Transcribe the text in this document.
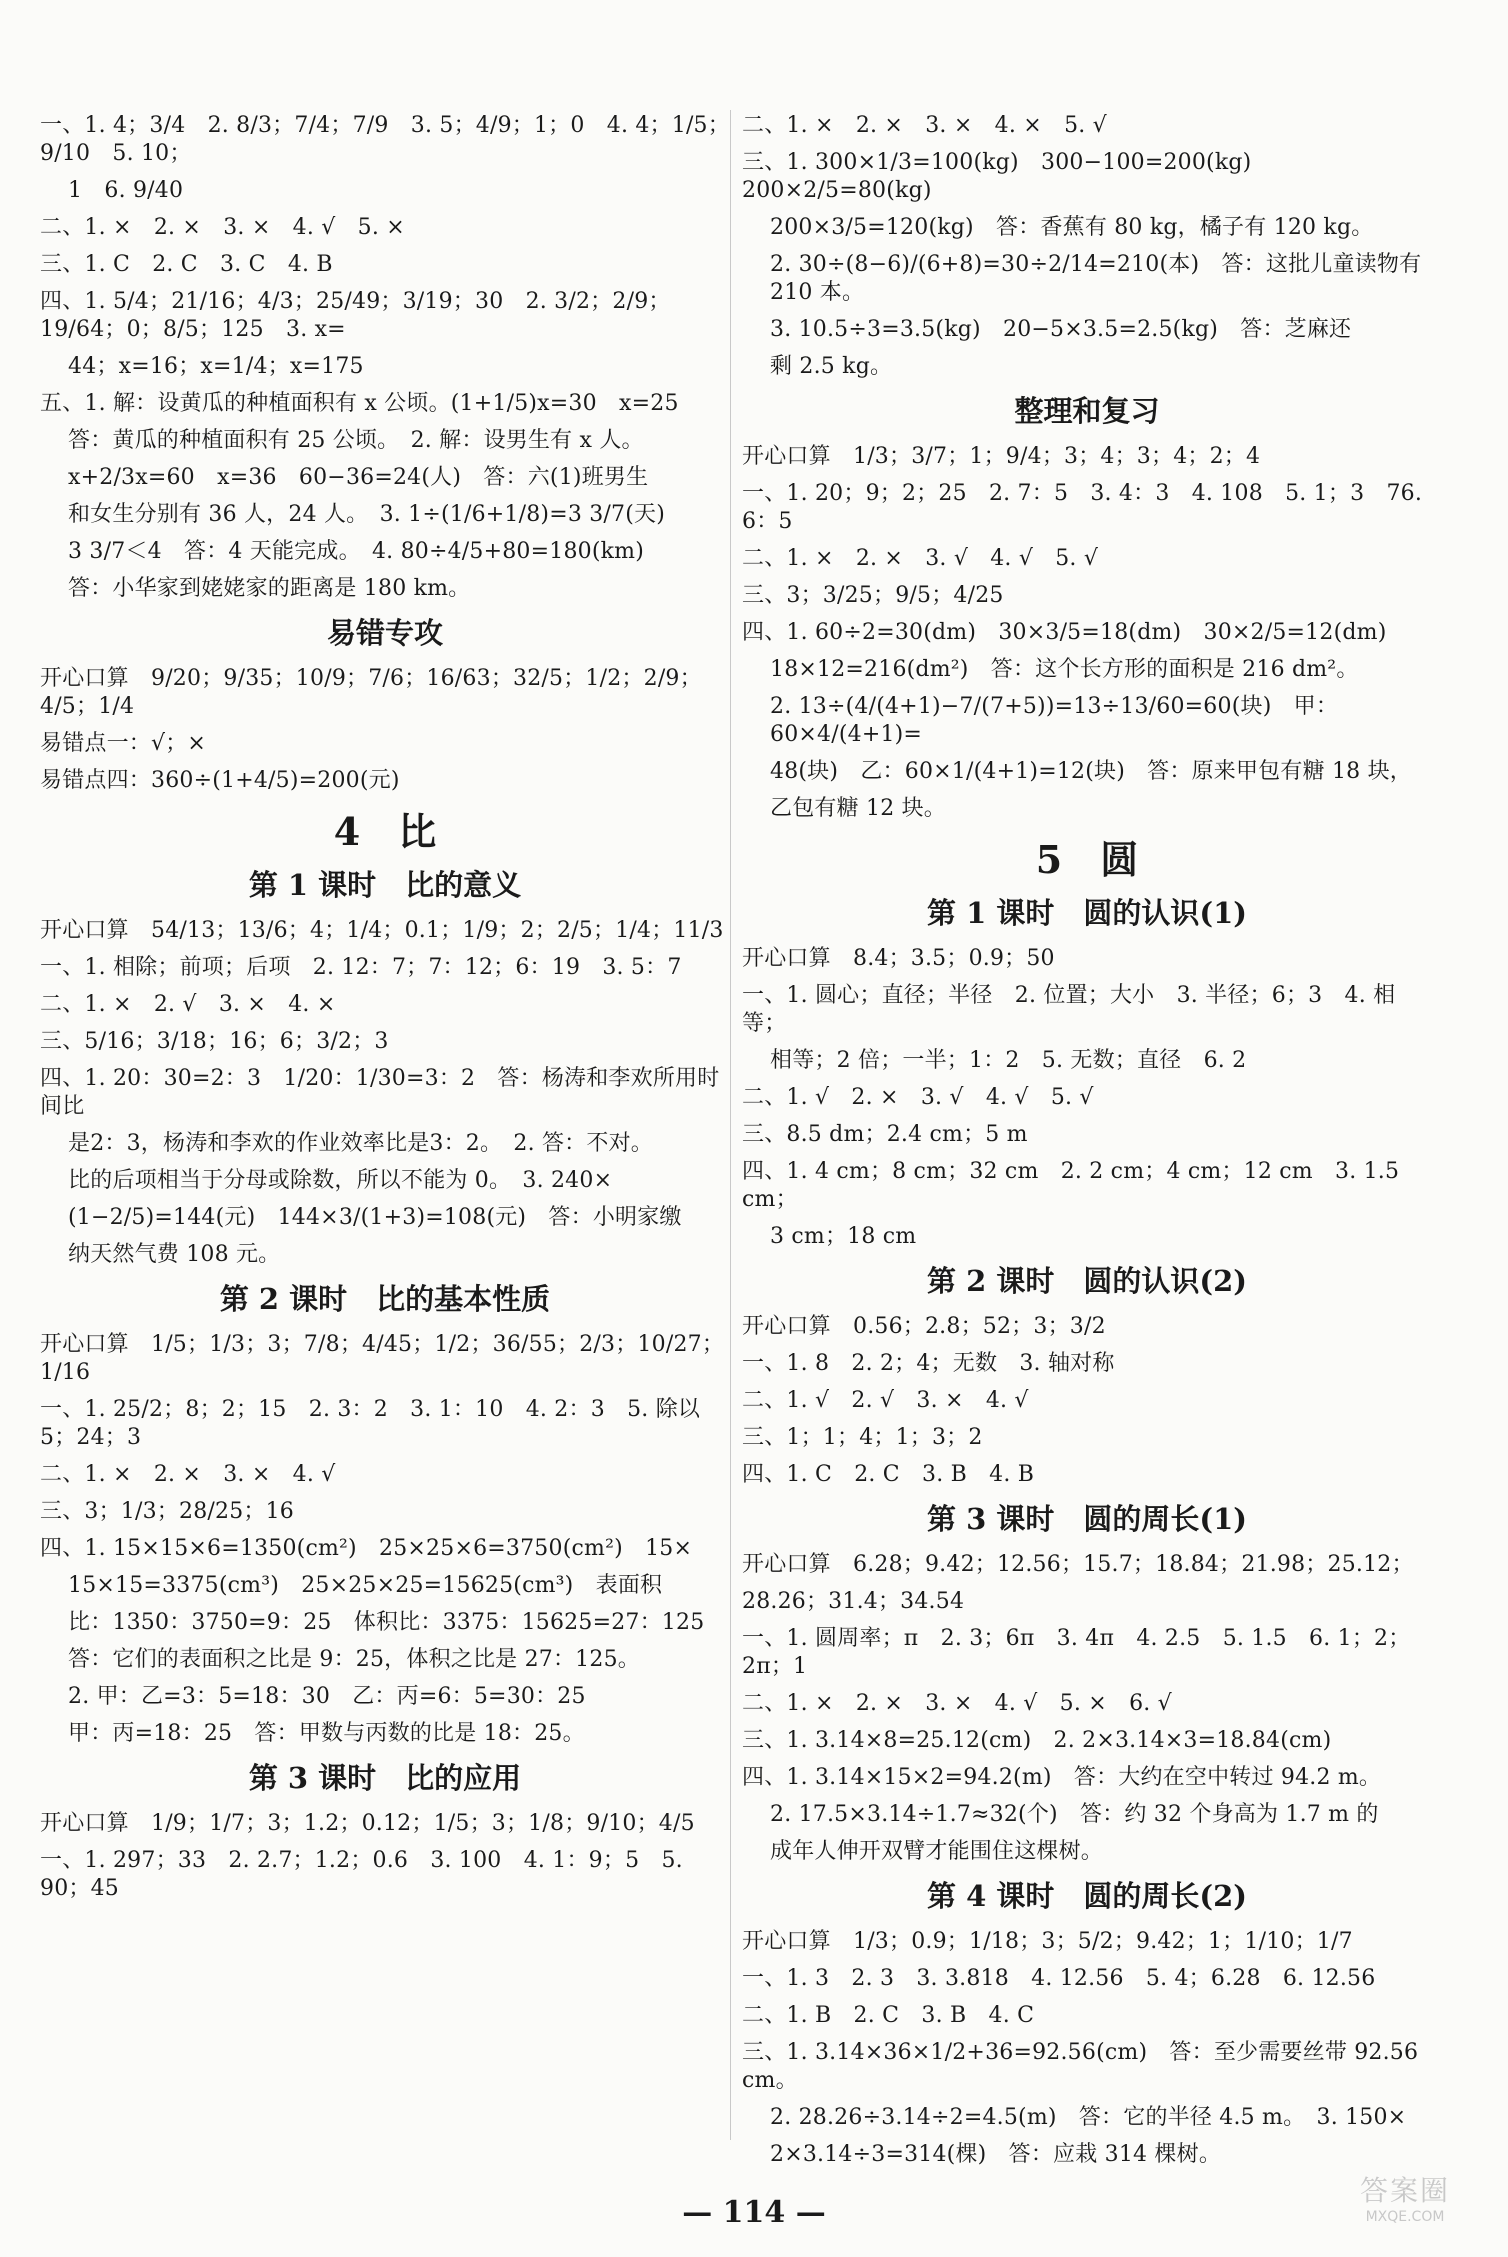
一、1. 4；3/4　2. 8/3；7/4；7/9　3. 5；4/9；1；0　4. 4；1/5；9/10　5. 10；
1　6. 9/40
二、1. ×　2. ×　3. ×　4. √　5. ×
三、1. C　2. C　3. C　4. B
四、1. 5/4；21/16；4/3；25/49；3/19；30　2. 3/2；2/9；19/64；0；8/5；125　3. x=
44；x=16；x=1/4；x=175
五、1. 解：设黄瓜的种植面积有 x 公顷。(1+1/5)x=30　x=25
答：黄瓜的种植面积有 25 公顷。　2. 解：设男生有 x 人。
x+2/3x=60　x=36　60−36=24(人)　答：六(1)班男生
和女生分别有 36 人，24 人。　3. 1÷(1/6+1/8)=3 3/7(天)
3 3/7＜4　答：4 天能完成。　4. 80÷4/5+80=180(km)
答：小华家到姥姥家的距离是 180 km。
易错专攻
开心口算　9/20；9/35；10/9；7/6；16/63；32/5；1/2；2/9；4/5；1/4
易错点一：√；×
易错点四：360÷(1+4/5)=200(元)
4　比
第 1 课时　比的意义
开心口算　54/13；13/6；4；1/4；0.1；1/9；2；2/5；1/4；11/3
一、1. 相除；前项；后项　2. 12：7；7：12；6：19　3. 5：7
二、1. ×　2. √　3. ×　4. ×
三、5/16；3/18；16；6；3/2；3
四、1. 20：30=2：3　1/20：1/30=3：2　答：杨涛和李欢所用时间比
是2：3，杨涛和李欢的作业效率比是3：2。　2. 答：不对。
比的后项相当于分母或除数，所以不能为 0。　3. 240×
(1−2/5)=144(元)　144×3/(1+3)=108(元)　答：小明家缴
纳天然气费 108 元。
第 2 课时　比的基本性质
开心口算　1/5；1/3；3；7/8；4/45；1/2；36/55；2/3；10/27；1/16
一、1. 25/2；8；2；15　2. 3：2　3. 1：10　4. 2：3　5. 除以 5；24；3
二、1. ×　2. ×　3. ×　4. √
三、3；1/3；28/25；16
四、1. 15×15×6=1350(cm²)　25×25×6=3750(cm²)　15×
15×15=3375(cm³)　25×25×25=15625(cm³)　表面积
比：1350：3750=9：25　体积比：3375：15625=27：125
答：它们的表面积之比是 9：25，体积之比是 27：125。
2. 甲：乙=3：5=18：30　乙：丙=6：5=30：25
甲：丙=18：25　答：甲数与丙数的比是 18：25。
第 3 课时　比的应用
开心口算　1/9；1/7；3；1.2；0.12；1/5；3；1/8；9/10；4/5
一、1. 297；33　2. 2.7；1.2；0.6　3. 100　4. 1：9；5　5. 90；45
二、1. ×　2. ×　3. ×　4. ×　5. √
三、1. 300×1/3=100(kg)　300−100=200(kg)　200×2/5=80(kg)
200×3/5=120(kg)　答：香蕉有 80 kg，橘子有 120 kg。
2. 30÷(8−6)/(6+8)=30÷2/14=210(本)　答：这批儿童读物有 210 本。
3. 10.5÷3=3.5(kg)　20−5×3.5=2.5(kg)　答：芝麻还
剩 2.5 kg。
整理和复习
开心口算　1/3；3/7；1；9/4；3；4；3；4；2；4
一、1. 20；9；2；25　2. 7：5　3. 4：3　4. 108　5. 1；3　76. 6：5
二、1. ×　2. ×　3. √　4. √　5. √
三、3；3/25；9/5；4/25
四、1. 60÷2=30(dm)　30×3/5=18(dm)　30×2/5=12(dm)
18×12=216(dm²)　答：这个长方形的面积是 216 dm²。
2. 13÷(4/(4+1)−7/(7+5))=13÷13/60=60(块)　甲：60×4/(4+1)=
48(块)　乙：60×1/(4+1)=12(块)　答：原来甲包有糖 18 块，
乙包有糖 12 块。
5　圆
第 1 课时　圆的认识(1)
开心口算　8.4；3.5；0.9；50
一、1. 圆心；直径；半径　2. 位置；大小　3. 半径；6；3　4. 相等；
相等；2 倍；一半；1：2　5. 无数；直径　6. 2
二、1. √　2. ×　3. √　4. √　5. √
三、8.5 dm；2.4 cm；5 m
四、1. 4 cm；8 cm；32 cm　2. 2 cm；4 cm；12 cm　3. 1.5 cm；
3 cm；18 cm
第 2 课时　圆的认识(2)
开心口算　0.56；2.8；52；3；3/2
一、1. 8　2. 2；4；无数　3. 轴对称
二、1. √　2. √　3. ×　4. √
三、1；1；4；1；3；2
四、1. C　2. C　3. B　4. B
第 3 课时　圆的周长(1)
开心口算　6.28；9.42；12.56；15.7；18.84；21.98；25.12；
28.26；31.4；34.54
一、1. 圆周率；π　2. 3；6π　3. 4π　4. 2.5　5. 1.5　6. 1；2；2π；1
二、1. ×　2. ×　3. ×　4. √　5. ×　6. √
三、1. 3.14×8=25.12(cm)　2. 2×3.14×3=18.84(cm)
四、1. 3.14×15×2=94.2(m)　答：大约在空中转过 94.2 m。
2. 17.5×3.14÷1.7≈32(个)　答：约 32 个身高为 1.7 m 的
成年人伸开双臂才能围住这棵树。
第 4 课时　圆的周长(2)
开心口算　1/3；0.9；1/18；3；5/2；9.42；1；1/10；1/7
一、1. 3　2. 3　3. 3.818　4. 12.56　5. 4；6.28　6. 12.56
二、1. B　2. C　3. B　4. C
三、1. 3.14×36×1/2+36=92.56(cm)　答：至少需要丝带 92.56 cm。
2. 28.26÷3.14÷2=4.5(m)　答：它的半径 4.5 m。　3. 150×
2×3.14÷3=314(棵)　答：应栽 314 棵树。
— 114 —
答案圈
MXQE.COM
